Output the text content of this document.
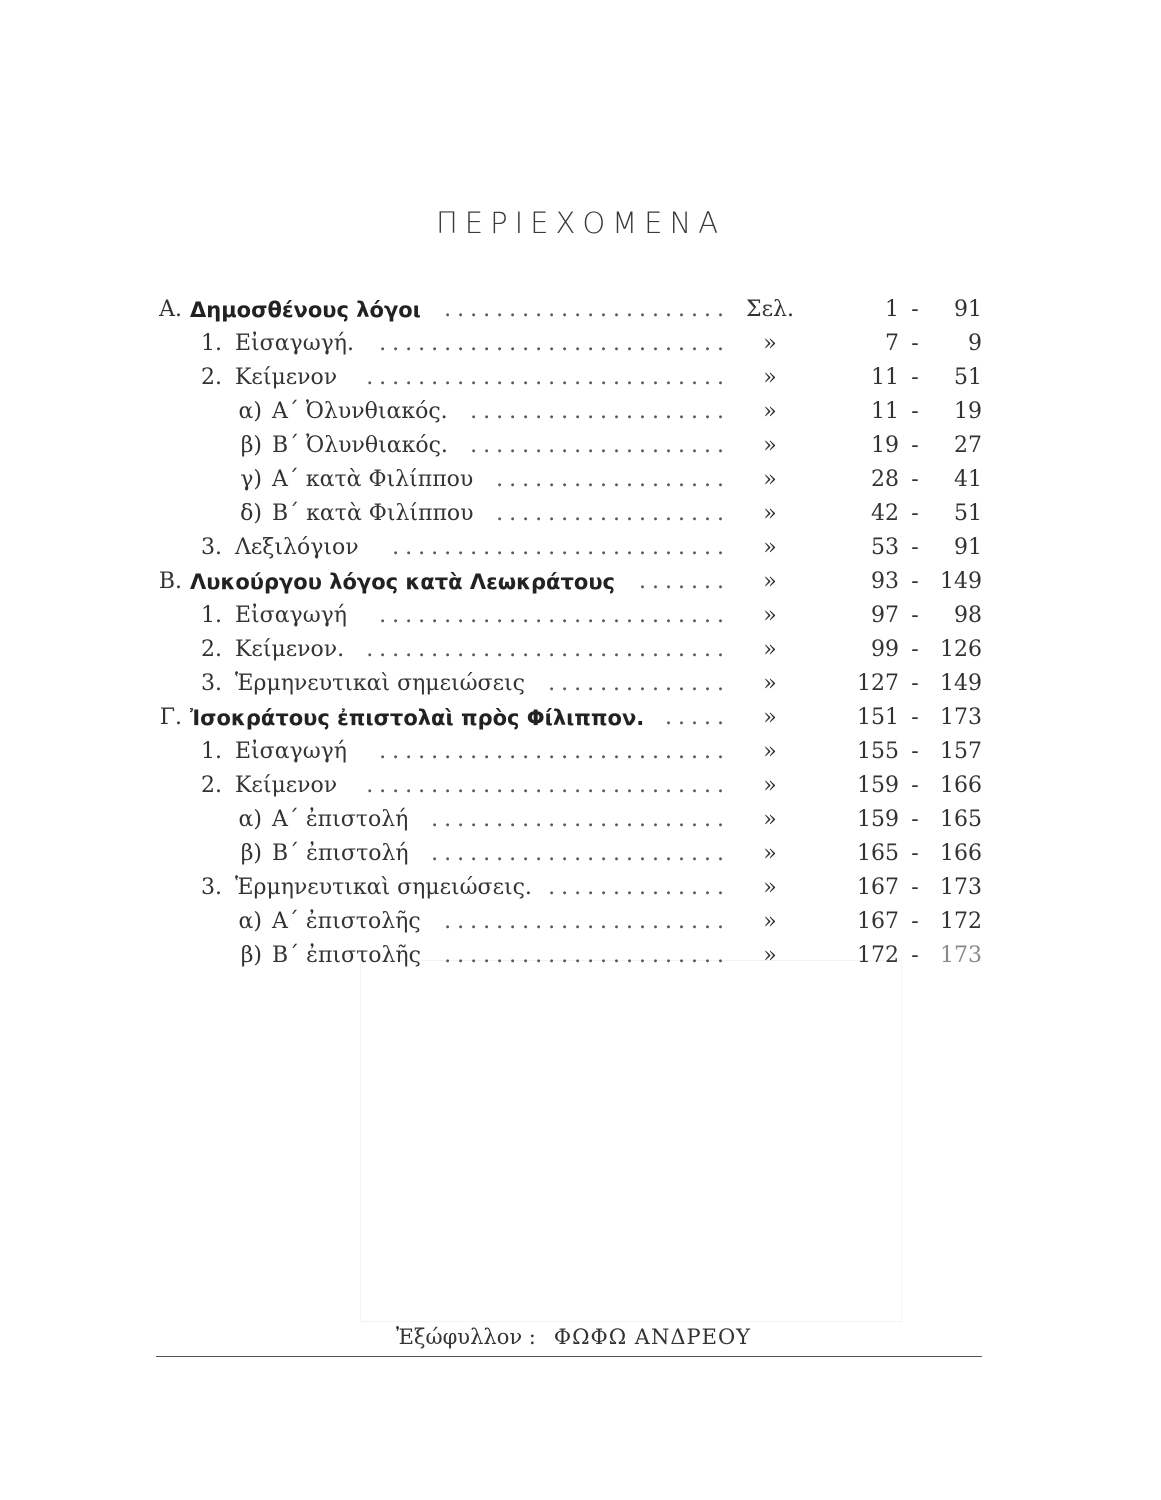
ΠΕΡΙΕΧΟΜΕΝΑ
Α. Δημοσθένους λόγοι	...................... Σελ.	1 -	91
1. Εἰσαγωγή.	...........................	»	7 -	9
2. Κείμενον	............................	»	11 -	51
α) Α΄ Ὀλυνθιακός.	....................	»	11 -	19
β) Β΄ Ὀλυνθιακός.	....................	»	19 -	27
γ) Α΄ κατὰ Φιλίππου	..................	»	28 -	41
δ) Β΄ κατὰ Φιλίππου	..................	»	42 -	51
3. Λεξιλόγιον	..........................	»	53 -	91
Β. Λυκούργου λόγος κατὰ Λεωκράτους	.......	»	93 - 149
1. Εἰσαγωγή	...........................	»	97 -	98
2. Κείμενον.	............................	»	99 - 126
3. Ἑρμηνευτικαὶ σημειώσεις	..............	»	127 - 149
Γ. Ἰσοκράτους ἐπιστολαὶ πρὸς Φίλιππον. .....	»	151 - 173
1. Εἰσαγωγή	...........................	»	155 - 157
2. Κείμενον	............................	»	159 - 166
α) Α΄ ἐπιστολή	.......................	»	159 - 165
β) Β΄ ἐπιστολή	.......................	»	165 - 166
3. Ἑρμηνευτικαὶ σημειώσεις. ..............	»	167 - 173
α) Α΄ ἐπιστολῆς	......................	»	167 - 172
β) Β΄ ἐπιστολῆς	......................	»	172 - 173
Ἐξώφυλλον : ΦΩΦΩ ΑΝΔΡΕΟΥ
